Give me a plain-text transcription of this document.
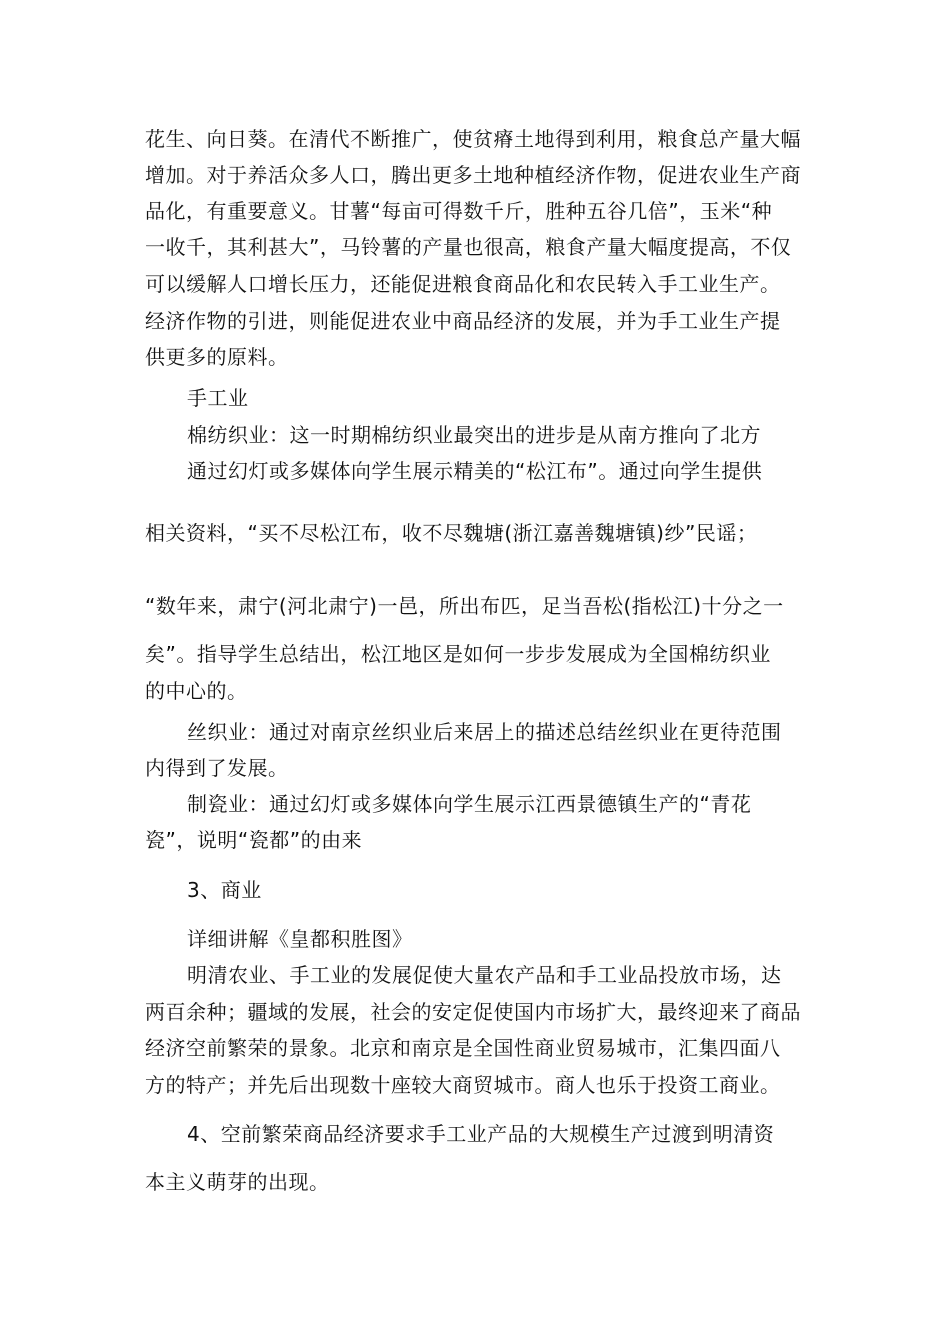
花生、向日葵。在清代不断推广，使贫瘠土地得到利用，粮食总产量大幅
增加。对于养活众多人口，腾出更多土地种植经济作物，促进农业生产商
品化，有重要意义。甘薯“每亩可得数千斤，胜种五谷几倍”，玉米“种
一收千，其利甚大”，马铃薯的产量也很高，粮食产量大幅度提高，不仅
可以缓解人口增长压力，还能促进粮食商品化和农民转入手工业生产。
经济作物的引进，则能促进农业中商品经济的发展，并为手工业生产提
供更多的原料。
手工业
棉纺织业：这一时期棉纺织业最突出的进步是从南方推向了北方
通过幻灯或多媒体向学生展示精美的“松江布”。通过向学生提供
相关资料，“买不尽松江布，收不尽魏塘(浙江嘉善魏塘镇)纱”民谣；
“数年来，肃宁(河北肃宁)一邑，所出布匹，足当吾松(指松江)十分之一
矣”。指导学生总结出，松江地区是如何一步步发展成为全国棉纺织业
的中心的。
丝织业：通过对南京丝织业后来居上的描述总结丝织业在更待范围
内得到了发展。
制瓷业：通过幻灯或多媒体向学生展示江西景德镇生产的“青花
瓷”，说明“瓷都”的由来
3、商业
详细讲解《皇都积胜图》
明清农业、手工业的发展促使大量农产品和手工业品投放市场，达
两百余种；疆域的发展，社会的安定促使国内市场扩大，最终迎来了商品
经济空前繁荣的景象。北京和南京是全国性商业贸易城市，汇集四面八
方的特产；并先后出现数十座较大商贸城市。商人也乐于投资工商业。
4、空前繁荣商品经济要求手工业产品的大规模生产过渡到明清资
本主义萌芽的出现。
